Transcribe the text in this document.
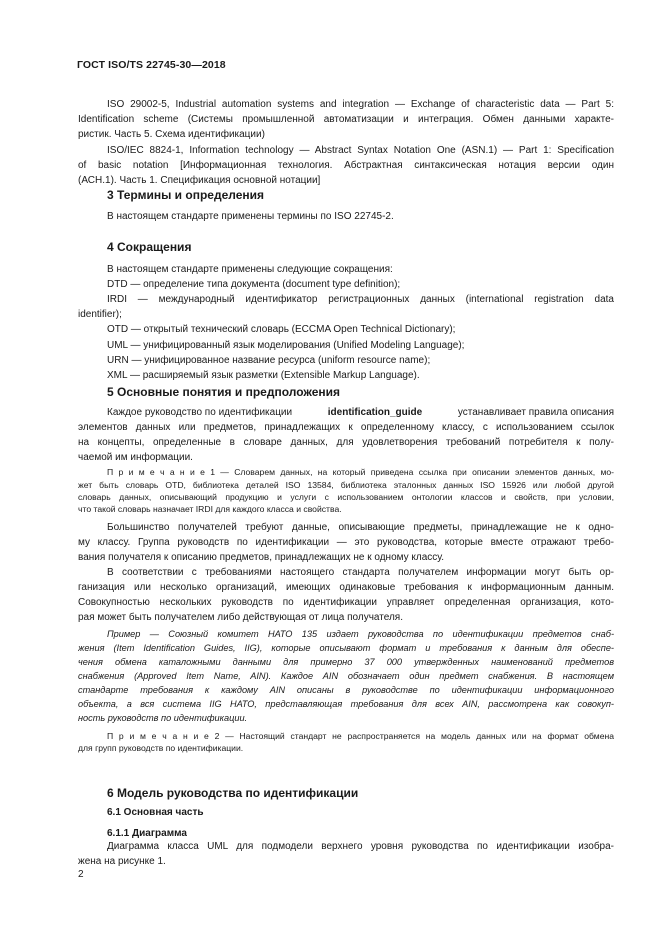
ГОСТ ISO/TS 22745-30—2018
ISO 29002-5, Industrial automation systems and integration — Exchange of characteristic data — Part 5:
Identification scheme (Системы промышленной автоматизации и интеграция. Обмен данными характе-
ристик. Часть 5. Схема идентификации)
ISO/IEC 8824-1, Information technology — Abstract Syntax Notation One (ASN.1) — Part 1: Specification
of basic notation [Информационная технология. Абстрактная синтаксическая нотация версии один
(АСН.1). Часть 1. Спецификация основной нотации]
3 Термины и определения
В настоящем стандарте применены термины по ISO 22745-2.
4 Сокращения
В настоящем стандарте применены следующие сокращения:
DTD — определение типа документа (document type definition);
IRDI — международный идентификатор регистрационных данных (international registration data
identifier);
OTD — открытый технический словарь (ECCMA Open Technical Dictionary);
UML — унифицированный язык моделирования (Unified Modeling Language);
URN — унифицированное название ресурса (uniform resource name);
XML — расширяемый язык разметки (Extensible Markup Language).
5 Основные понятия и предположения
Каждое руководство по идентификации	identification_guide	устанавливает правила описания
элементов данных или предметов, принадлежащих к определенному классу, с использованием ссылок
на концепты, определенные в словаре данных, для удовлетворения требований потребителя к полу-
чаемой им информации.
П р и м е ч а н и е 1 — Словарем данных, на который приведена ссылка при описании элементов данных, мо-
жет быть словарь OTD, библиотека деталей ISO 13584, библиотека эталонных данных ISO 15926 или любой другой
словарь данных, описывающий продукцию и услуги с использованием онтологии классов и свойств, при условии,
что такой словарь назначает IRDI для каждого класса и свойства.
Большинство получателей требуют данные, описывающие предметы, принадлежащие не к одно-
му классу. Группа руководств по идентификации — это руководства, которые вместе отражают требо-
вания получателя к описанию предметов, принадлежащих не к одному классу.
В соответствии с требованиями настоящего стандарта получателем информации могут быть ор-
ганизация или несколько организаций, имеющих одинаковые требования к информационным данным.
Совокупностью нескольких руководств по идентификации управляет определенная организация, кото-
рая может быть получателем либо действующая от лица получателя.
Пример — Союзный комитет НАТО 135 издает руководства по идентификации предметов снаб-
жения (Item Identification Guides, IIG), которые описывают формат и требования к данным для обеспе-
чения обмена каталожными данными для примерно 37 000 утвержденных наименований предметов
снабжения (Approved Item Name, AIN). Каждое AIN обозначает один предмет снабжения. В настоящем
стандарте требования к каждому AIN описаны в руководстве по идентификации информационного
объекта, а вся система IIG НАТО, представляющая требования для всех AIN, рассмотрена как совокуп-
ность руководств по идентификации.
П р и м е ч а н и е 2 — Настоящий стандарт не распространяется на модель данных или на формат обмена
для групп руководств по идентификации.
6 Модель руководства по идентификации
6.1 Основная часть
6.1.1 Диаграмма
Диаграмма класса UML для подмодели верхнего уровня руководства по идентификации изобра-
жена на рисунке 1.
2
